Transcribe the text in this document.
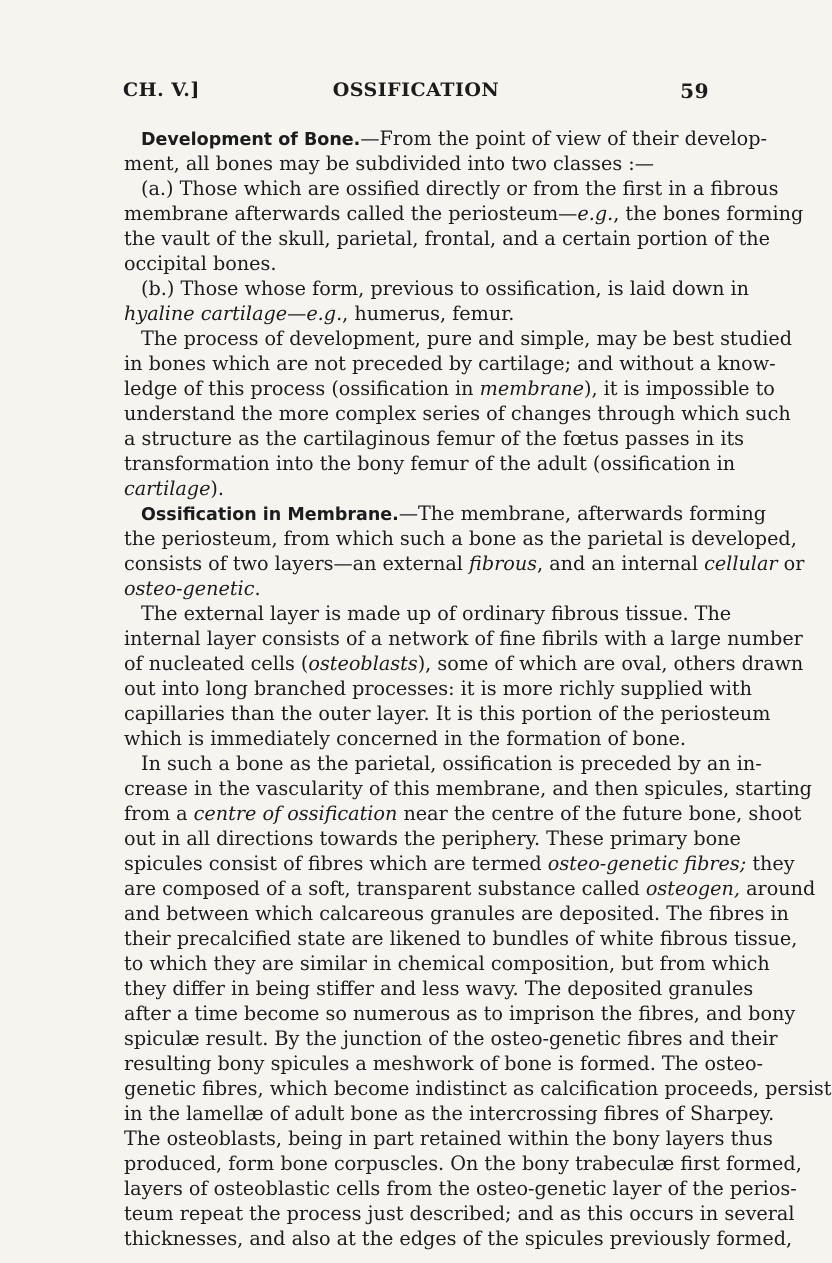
CH. V.]	OSSIFICATION	59
Development of Bone.—From the point of view of their develop-
ment, all bones may be subdivided into two classes :—
(a.) Those which are ossified directly or from the first in a fibrous
membrane afterwards called the periosteum—e.g., the bones forming
the vault of the skull, parietal, frontal, and a certain portion of the
occipital bones.
(b.) Those whose form, previous to ossification, is laid down in
hyaline cartilage—e.g., humerus, femur.
The process of development, pure and simple, may be best studied
in bones which are not preceded by cartilage; and without a know-
ledge of this process (ossification in membrane), it is impossible to
understand the more complex series of changes through which such
a structure as the cartilaginous femur of the fœtus passes in its
transformation into the bony femur of the adult (ossification in
cartilage).
Ossification in Membrane.—The membrane, afterwards forming
the periosteum, from which such a bone as the parietal is developed,
consists of two layers—an external fibrous, and an internal cellular or
osteo-genetic.
The external layer is made up of ordinary fibrous tissue. The
internal layer consists of a network of fine fibrils with a large number
of nucleated cells (osteoblasts), some of which are oval, others drawn
out into long branched processes: it is more richly supplied with
capillaries than the outer layer. It is this portion of the periosteum
which is immediately concerned in the formation of bone.
In such a bone as the parietal, ossification is preceded by an in-
crease in the vascularity of this membrane, and then spicules, starting
from a centre of ossification near the centre of the future bone, shoot
out in all directions towards the periphery. These primary bone
spicules consist of fibres which are termed osteo-genetic fibres; they
are composed of a soft, transparent substance called osteogen, around
and between which calcareous granules are deposited. The fibres in
their precalcified state are likened to bundles of white fibrous tissue,
to which they are similar in chemical composition, but from which
they differ in being stiffer and less wavy. The deposited granules
after a time become so numerous as to imprison the fibres, and bony
spiculæ result. By the junction of the osteo-genetic fibres and their
resulting bony spicules a meshwork of bone is formed. The osteo-
genetic fibres, which become indistinct as calcification proceeds, persist
in the lamellæ of adult bone as the intercrossing fibres of Sharpey.
The osteoblasts, being in part retained within the bony layers thus
produced, form bone corpuscles. On the bony trabeculæ first formed,
layers of osteoblastic cells from the osteo-genetic layer of the perios-
teum repeat the process just described; and as this occurs in several
thicknesses, and also at the edges of the spicules previously formed,
